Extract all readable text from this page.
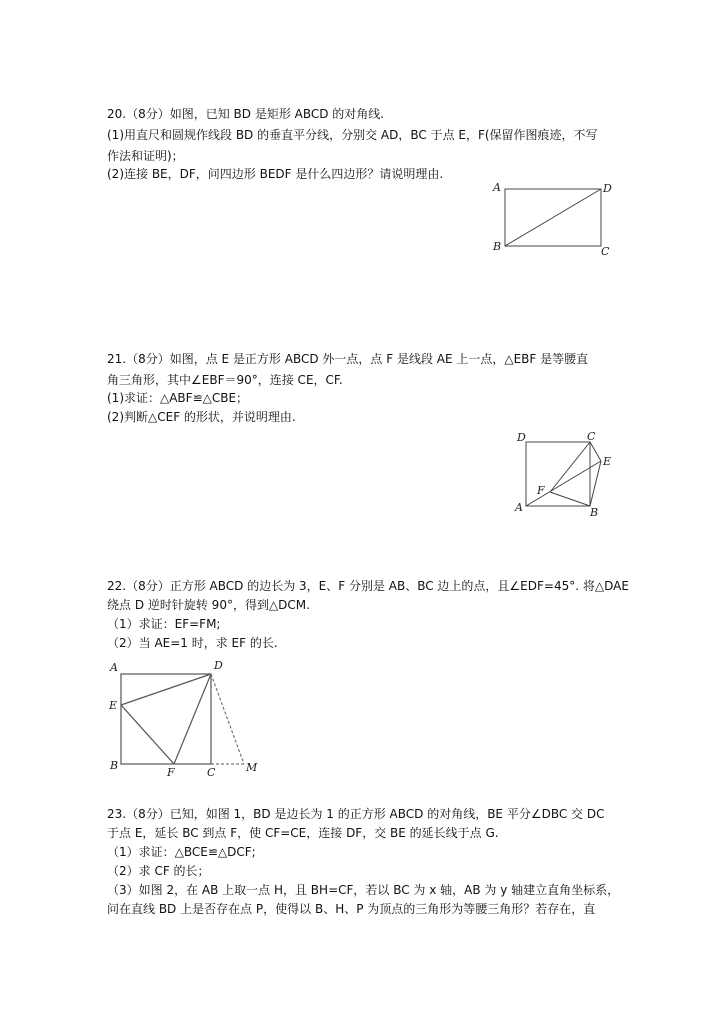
20.（8分）如图，已知 BD 是矩形 ABCD 的对角线.
(1)用直尺和圆规作线段 BD 的垂直平分线，分别交 AD，BC 于点 E，F(保留作图痕迹，不写
作法和证明)；
(2)连接 BE，DF，问四边形 BEDF 是什么四边形？请说明理由.
A	D
B	C
21.（8分）如图，点 E 是正方形 ABCD 外一点，点 F 是线段 AE 上一点，△EBF 是等腰直
角三角形，其中∠EBF＝90°，连接 CE，CF.
(1)求证：△ABF≌△CBE；
(2)判断△CEF 的形状，并说明理由.
D	C
E
F
A	B
22.（8分）正方形 ABCD 的边长为 3，E、F 分别是 AB、BC 边上的点，且∠EDF=45°. 将△DAE
绕点 D 逆时针旋转 90°，得到△DCM.
（1）求证：EF=FM;
（2）当 AE=1 时，求 EF 的长.
A	D
E
B
F	C	M
23.（8分）已知，如图 1，BD 是边长为 1 的正方形 ABCD 的对角线，BE 平分∠DBC 交 DC
于点 E，延长 BC 到点 F，使 CF=CE，连接 DF，交 BE 的延长线于点 G.
（1）求证：△BCE≌△DCF;
（2）求 CF 的长；
（3）如图 2，在 AB 上取一点 H，且 BH=CF，若以 BC 为 x 轴，AB 为 y 轴建立直角坐标系，
问在直线 BD 上是否存在点 P，使得以 B、H、P 为顶点的三角形为等腰三角形？若存在，直
